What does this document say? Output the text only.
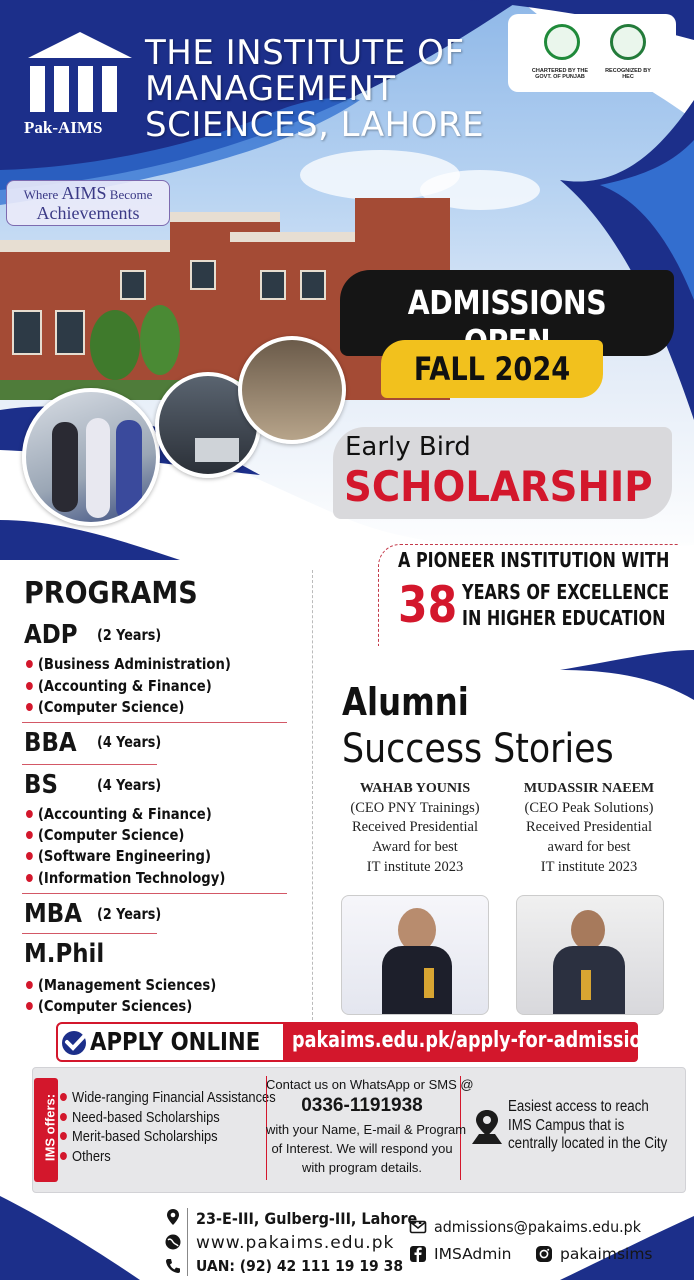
Pak-AIMS
THE INSTITUTE OF
MANAGEMENT
SCIENCES, LAHORE
CHARTERED BY THE
GOVT. OF PUNJAB
RECOGNIZED BY
HEC
Where AIMS Become
Achievements
ADMISSIONS
FALL 2024
Early Bird
SCHOLARSHIP
A PIONEER INSTITUTION WITH
38 YEARS OF EXCELLENCE
IN HIGHER EDUCATION
PROGRAMS
ADP (2 Years)
(Business Administration)
(Accounting & Finance)
(Computer Science)
BBA (4 Years)
BS	(4 Years)
(Accounting & Finance)
(Computer Science)
(Software Engineering)
(Information Technology)
MBA (2 Years)
M.Phil
(Management Sciences)
(Computer Sciences)
Alumni
Success Stories
WAHAB YOUNIS
(CEO PNY Trainings)
Received Presidential
Award for best
IT institute 2023
MUDASSIR NAEEM
(CEO Peak Solutions)
Received Presidential
award for best
IT institute 2023
APPLY ONLINE pakaims.edu.pk/apply-for-admission/
IMS offers: Wide-ranging Financial Assistances
Need-based Scholarships
Merit-based Scholarships
Others
Contact us on WhatsApp or SMS @
0336-1191938
with your Name, E-mail & Program
of Interest. We will respond you
with program details.
Easiest access to reach
IMS Campus that is
centrally located in the City
23-E-III, Gulberg-III, Lahore.
www.pakaims.edu.pk
UAN: (92) 42 111 19 19 38
admissions@pakaims.edu.pk
IMSAdmin	pakaimsims
